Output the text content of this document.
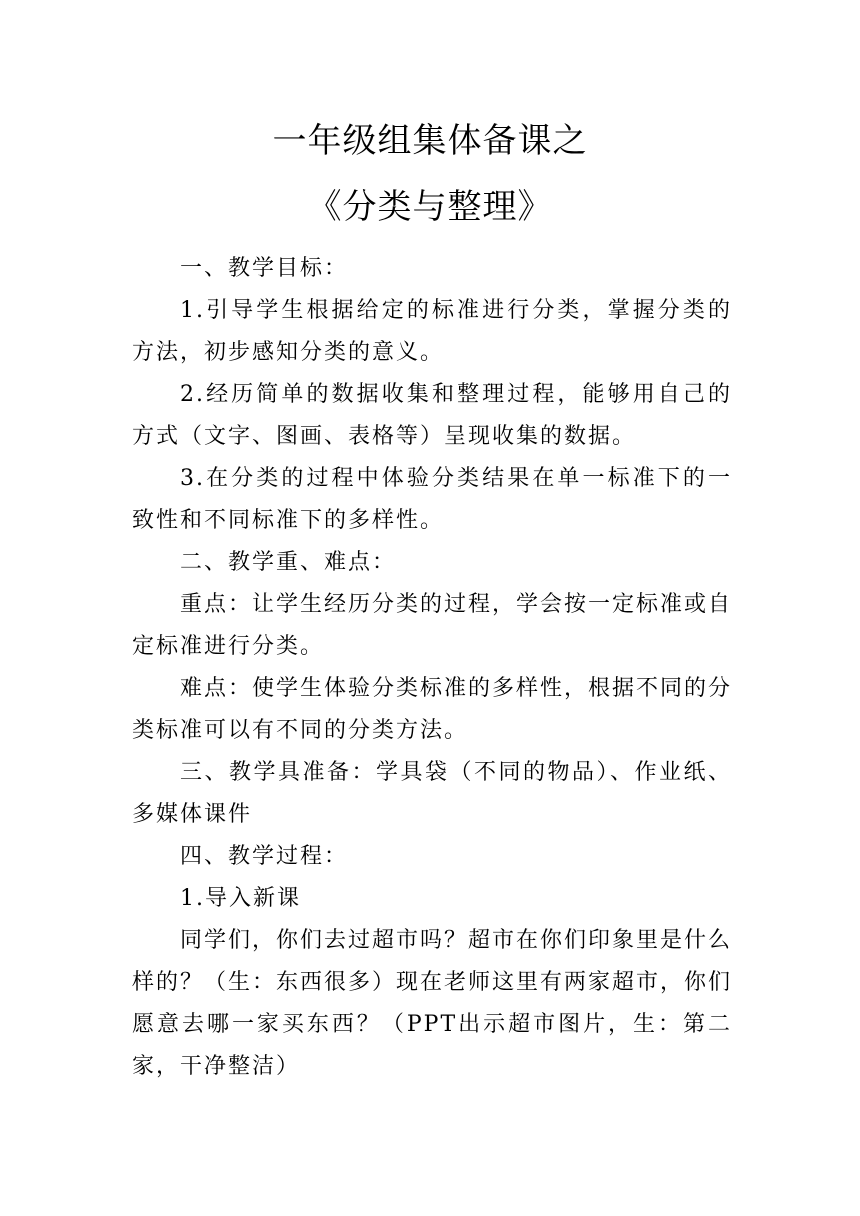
一年级组集体备课之
《分类与整理》

一、教学目标：

1.引导学生根据给定的标准进行分类，掌握分类的方法，初步感知分类的意义。

2.经历简单的数据收集和整理过程，能够用自己的方式（文字、图画、表格等）呈现收集的数据。

3.在分类的过程中体验分类结果在单一标准下的一致性和不同标准下的多样性。

二、教学重、难点：

重点：让学生经历分类的过程，学会按一定标准或自定标准进行分类。

难点：使学生体验分类标准的多样性，根据不同的分类标准可以有不同的分类方法。

三、教学具准备：学具袋（不同的物品）、作业纸、多媒体课件

四、教学过程：

1.导入新课

同学们，你们去过超市吗？超市在你们印象里是什么样的？（生：东西很多）现在老师这里有两家超市，你们愿意去哪一家买东西？（PPT出示超市图片，生：第二家，干净整洁）
